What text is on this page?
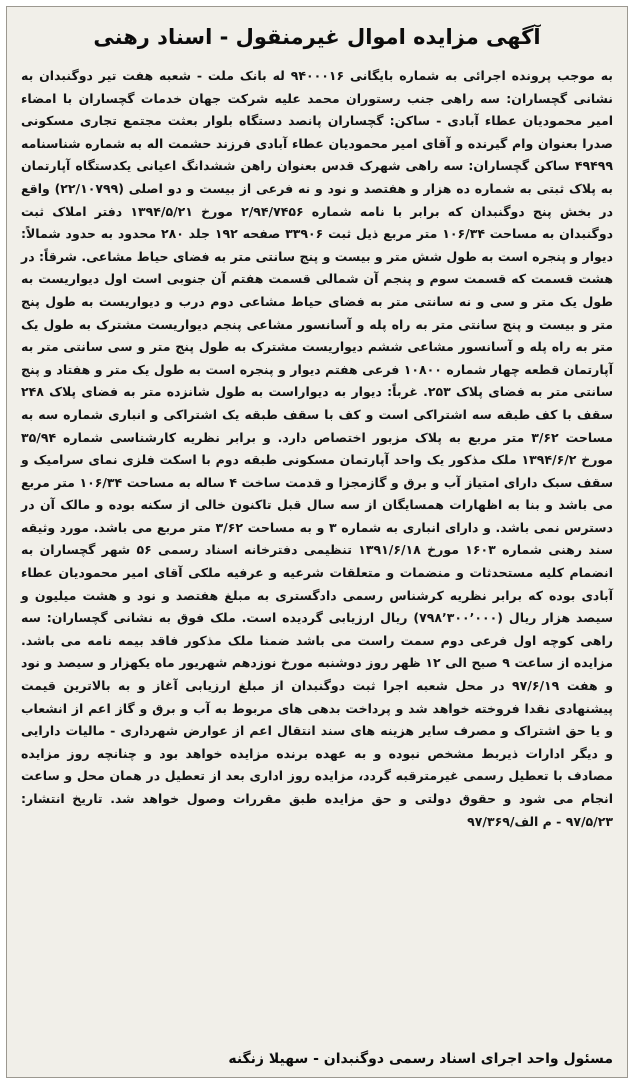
آگهی مزایده اموال غیرمنقول - اسناد رهنی

به موجب پرونده اجرائی به شماره بایگانی ۹۴۰۰۰۱۶ له بانک ملت - شعبه هفت تیر دوگنبدان به نشانی گچساران: سه راهی جنب رستوران محمد علیه شرکت جهان خدمات گچساران با امضاء امیر محمودیان عطاء آبادی - ساکن: گچساران پانصد دستگاه بلوار بعثت مجتمع تجاری مسکونی صدرا بعنوان وام گیرنده و آقای امیر محمودیان عطاء آبادی فرزند حشمت اله به شماره شناسنامه ۴۹۴۹۹ ساکن گچساران: سه راهی شهرک قدس بعنوان راهن ششدانگ اعیانی یکدستگاه آپارتمان به پلاک ثبتی به شماره ده هزار و هفتصد و نود و نه فرعی از بیست و دو اصلی (۲۲/۱۰۷۹۹) واقع در بخش پنج دوگنبدان که برابر با نامه شماره ۲/۹۴/۷۴۵۶ مورخ ۱۳۹۴/۵/۲۱ دفتر املاک ثبت دوگنبدان به مساحت ۱۰۶/۳۴ متر مربع ذیل ثبت ۳۳۹۰۶ صفحه ۱۹۲ جلد ۲۸۰ محدود به حدود شمالاً: دیوار و پنجره است به طول شش متر و بیست و پنج سانتی متر به فضای حیاط مشاعی. شرقاً: در هشت قسمت که قسمت سوم و پنجم آن شمالی قسمت هفتم آن جنوبی است اول دیواریست به طول یک متر و سی و نه سانتی متر به فضای حیاط مشاعی دوم درب و دیواریست به طول پنج متر و بیست و پنج سانتی متر به راه پله و آسانسور مشاعی پنجم دیواریست مشترک به طول یک متر به راه پله و آسانسور مشاعی ششم دیواریست مشترک به طول پنج متر و سی سانتی متر به آپارتمان قطعه چهار شماره ۱۰۸۰۰ فرعی هفتم دیوار و پنجره است به طول یک متر و هفتاد و پنج سانتی متر به فضای پلاک ۲۵۳. غرباً: دیوار به دیواراست به طول شانزده متر به فضای پلاک ۲۴۸ سقف با کف طبقه سه اشتراکی است و کف با سقف طبقه یک اشتراکی و انباری شماره سه به مساحت ۳/۶۲ متر مربع به پلاک مزبور اختصاص دارد. و برابر نظریه کارشناسی شماره ۳۵/۹۴ مورخ ۱۳۹۴/۶/۲ ملک مذکور یک واحد آپارتمان مسکونی طبقه دوم با اسکت فلزی نمای سرامیک و سقف سبک دارای امتیاز آب و برق و گازمجزا و قدمت ساخت ۴ ساله به مساحت ۱۰۶/۳۴ متر مربع می باشد و بنا به اظهارات همسایگان از سه سال قبل تاکنون خالی از سکنه بوده و مالک آن در دسترس نمی باشد. و دارای انباری به شماره ۳ و به مساحت ۳/۶۲ متر مربع می باشد. مورد وثیقه سند رهنی شماره ۱۶۰۳ مورخ ۱۳۹۱/۶/۱۸ تنظیمی دفترخانه اسناد رسمی ۵۶ شهر گچساران به انضمام کلیه مستحدثات و منضمات و متعلقات شرعیه و عرفیه ملکی آقای امیر محمودیان عطاء آبادی بوده که برابر نظریه کرشناس رسمی دادگستری به مبلغ هفتصد و نود و هشت میلیون و سیصد هزار ریال (۷۹۸٬۳۰۰٬۰۰۰) ریال ارزیابی گردیده است. ملک فوق به نشانی گچساران: سه راهی کوچه اول فرعی دوم سمت راست می باشد ضمنا ملک مذکور فاقد بیمه نامه می باشد. مزایده از ساعت ۹ صبح الی ۱۲ ظهر روز دوشنبه مورخ نوزدهم شهریور ماه یکهزار و سیصد و نود و هفت ۹۷/۶/۱۹ در محل شعبه اجرا ثبت دوگنبدان از مبلغ ارزیابی آغاز و به بالاترین قیمت پیشنهادی نقدا فروخته خواهد شد و پرداخت بدهی های مربوط به آب و برق و گاز اعم از انشعاب و یا حق اشتراک و مصرف سایر هزینه های سند انتقال اعم از عوارض شهرداری - مالیات دارایی و دیگر ادارات ذیربط مشخص نبوده و به عهده برنده مزایده خواهد بود و چنانچه روز مزایده مصادف با تعطیل رسمی غیرمترقبه گردد، مزایده روز اداری بعد از تعطیل در همان محل و ساعت انجام می شود و حقوق دولتی و حق مزایده طبق مقررات وصول خواهد شد. تاریخ انتشار: ۹۷/۵/۲۳ - م الف/۹۷/۳۶۹

مسئول واحد اجرای اسناد رسمی دوگنبدان - سهیلا زنگنه
